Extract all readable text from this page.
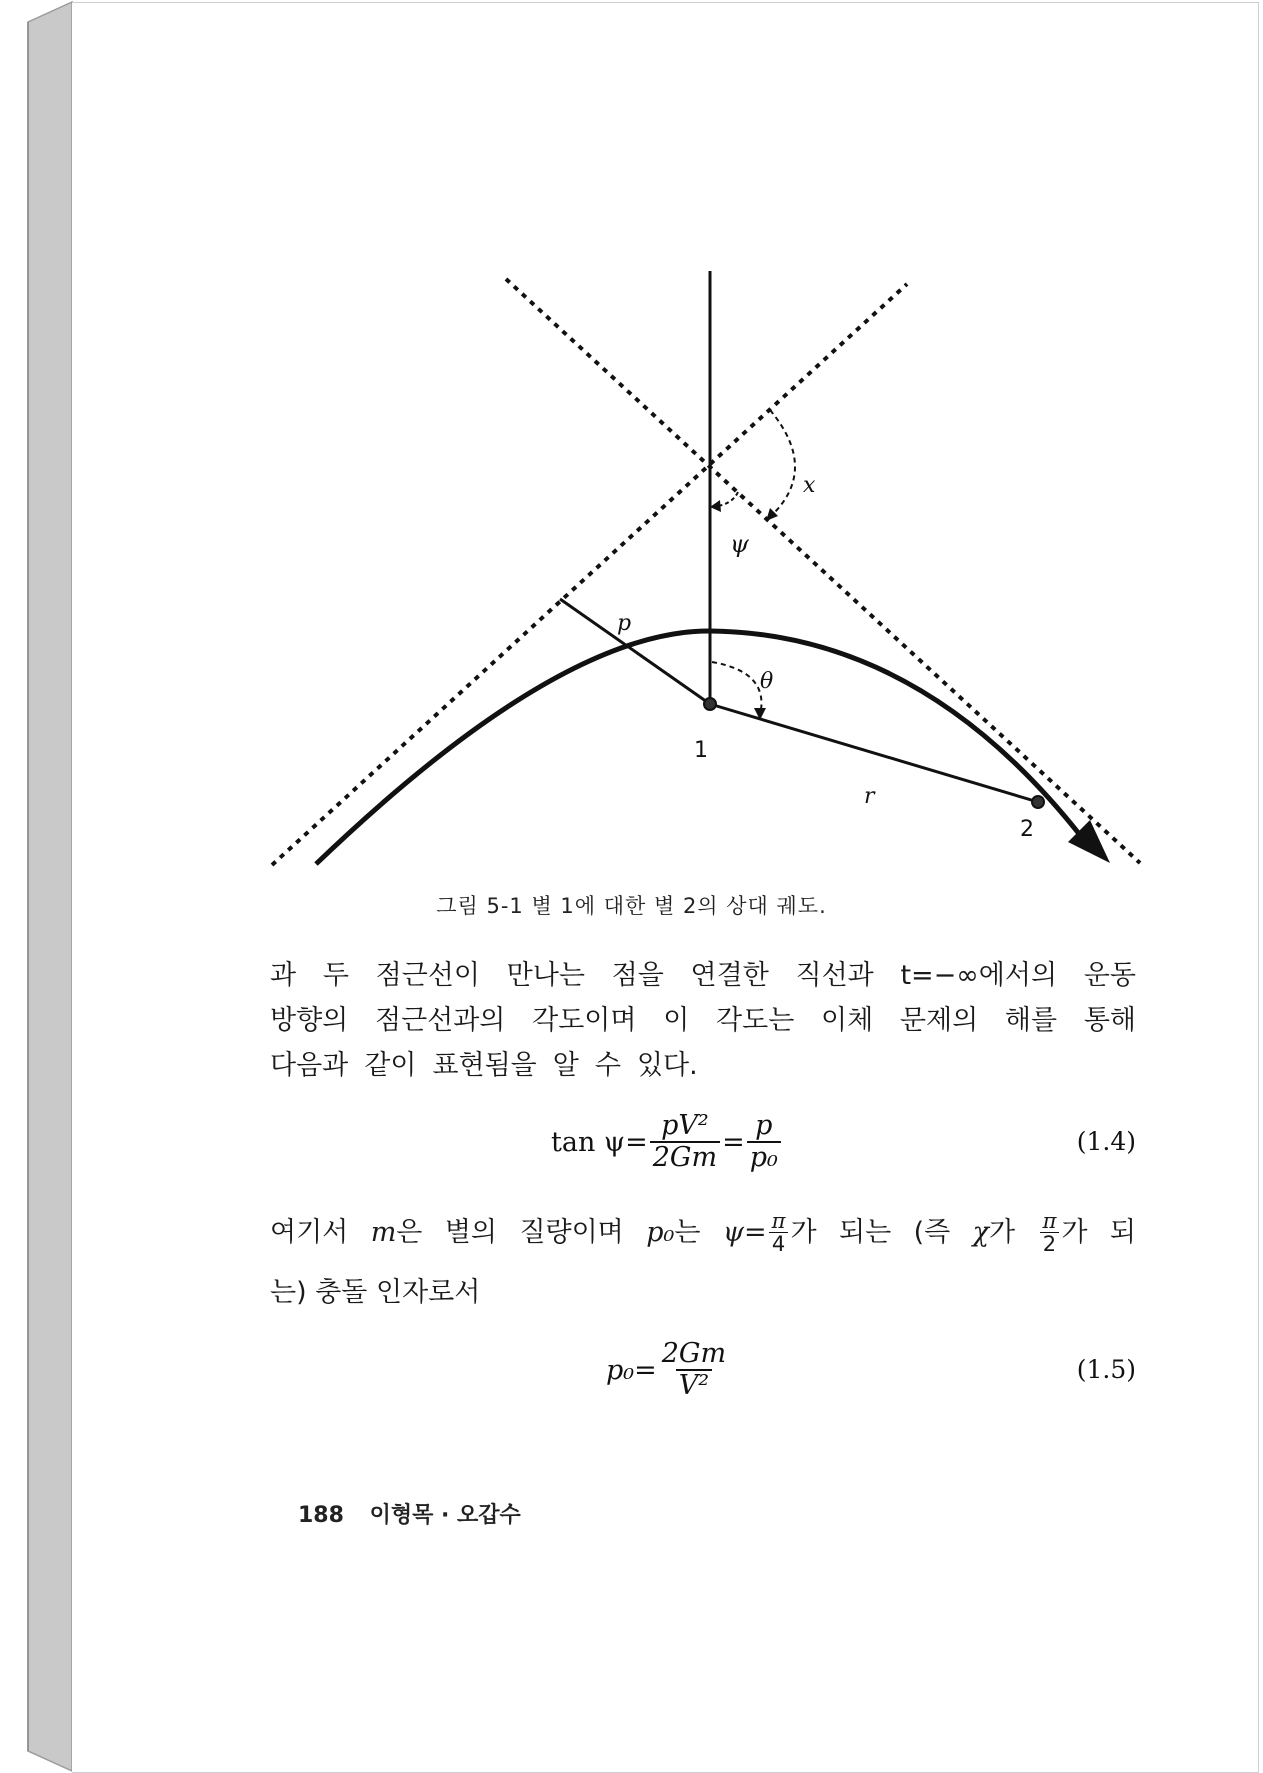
x
ψ
p
θ
r
1
2
그림 5-1 별 1에 대한 별 2의 상대 궤도.
과 두 점근선이 만나는 점을 연결한 직선과 t=−∞에서의 운동
방향의 점근선과의 각도이며 이 각도는 이체 문제의 해를 통해
다음과 같이 표현됨을 알 수 있다.
$\tan \psi= \frac{\text{pV²}}{2Gm} = \frac{p}{\text{p₀}}$	(1.4)
여기서 m은 별의 질량이며 p₀는 $\psi= \frac{\pi}{4}$ 가 되는 (즉 χ가 $\frac{\pi}{2}$ 가 되
는) 충돌 인자로서
$p_0= \frac{2Gm}{\text{V²}}$	(1.5)
188 이형목 · 오갑수
